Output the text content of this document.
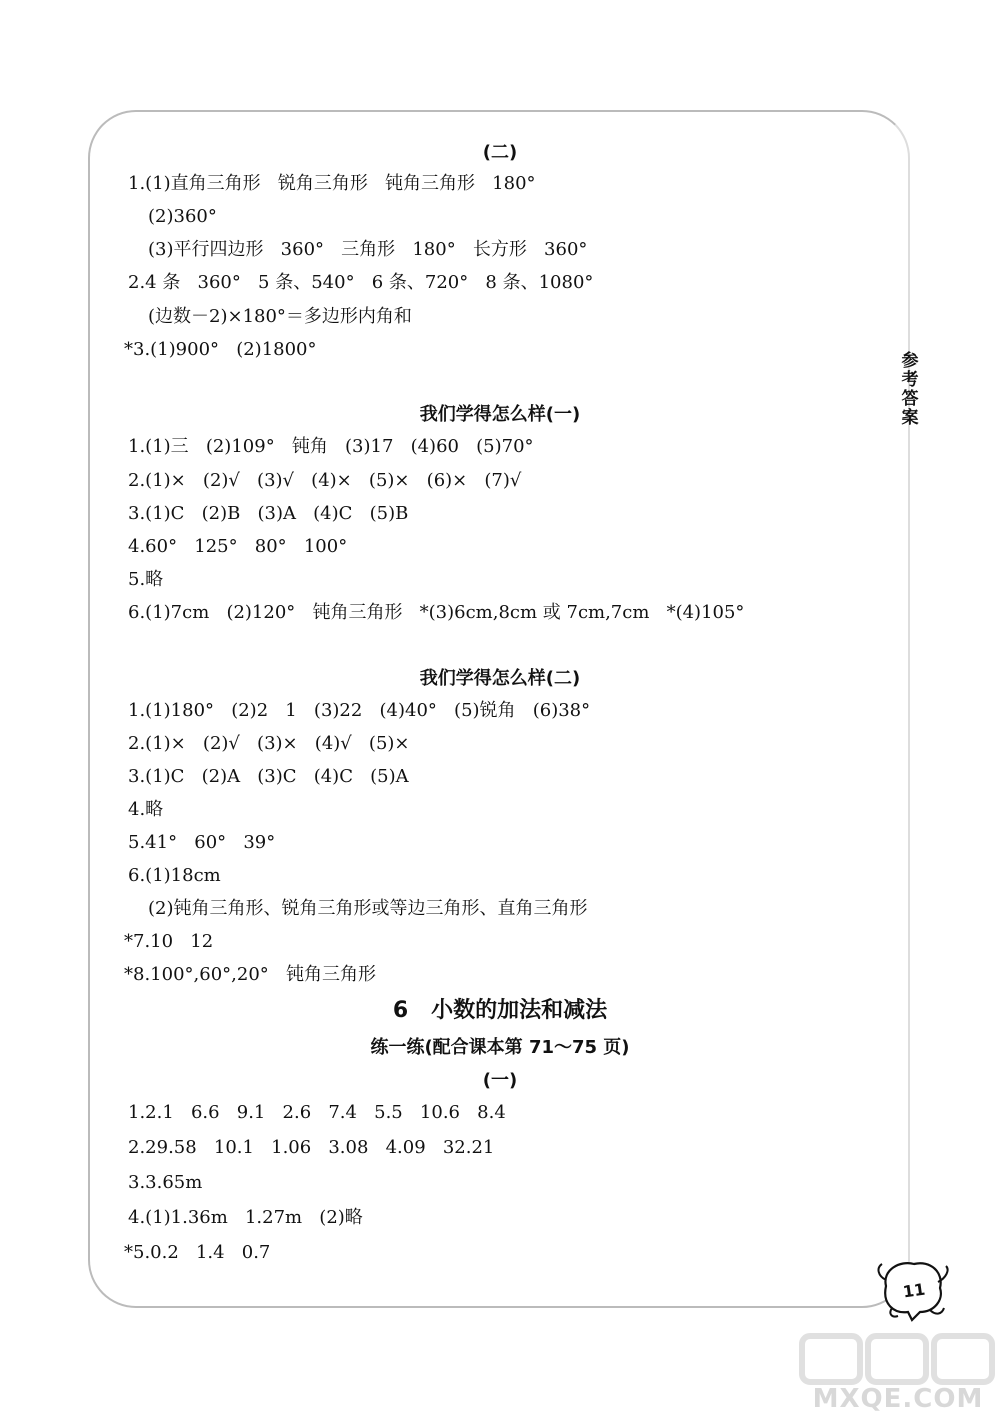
参考答案
(二)
1.(1)直角三角形   锐角三角形   钝角三角形   180°
(2)360°
(3)平行四边形   360°   三角形   180°   长方形   360°
2.4 条   360°   5 条、540°   6 条、720°   8 条、1080°
(边数－2)×180°＝多边形内角和
*3.(1)900°   (2)1800°
我们学得怎么样(一)
1.(1)三   (2)109°   钝角   (3)17   (4)60   (5)70°
2.(1)×   (2)√   (3)√   (4)×   (5)×   (6)×   (7)√
3.(1)C   (2)B   (3)A   (4)C   (5)B
4.60°   125°   80°   100°
5.略
6.(1)7cm   (2)120°   钝角三角形   *(3)6cm,8cm 或 7cm,7cm   *(4)105°
我们学得怎么样(二)
1.(1)180°   (2)2   1   (3)22   (4)40°   (5)锐角   (6)38°
2.(1)×   (2)√   (3)×   (4)√   (5)×
3.(1)C   (2)A   (3)C   (4)C   (5)A
4.略
5.41°   60°   39°
6.(1)18cm
(2)钝角三角形、锐角三角形或等边三角形、直角三角形
*7.10   12
*8.100°,60°,20°   钝角三角形
6   小数的加法和减法
练一练(配合课本第 71～75 页)
(一)
1.2.1   6.6   9.1   2.6   7.4   5.5   10.6   8.4
2.29.58   10.1   1.06   3.08   4.09   32.21
3.3.65m
4.(1)1.36m   1.27m   (2)略
*5.0.2   1.4   0.7
11
MXQE.COM
